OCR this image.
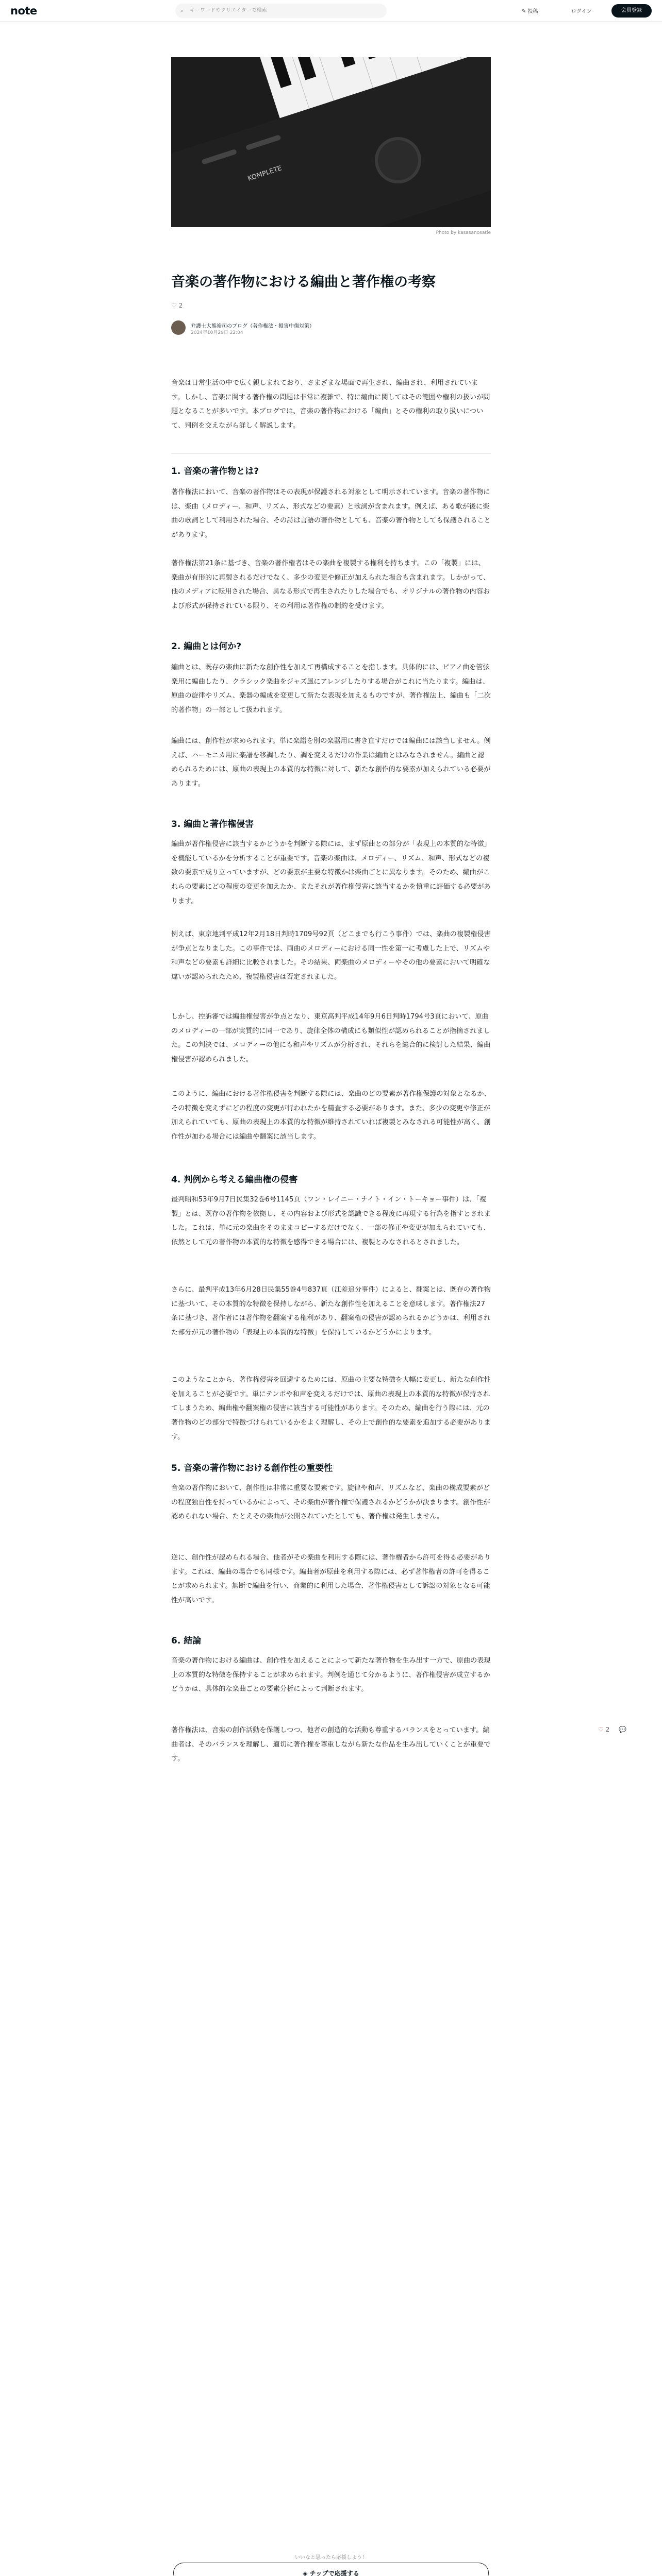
note	⌕ キーワードやクリエイターで検索	✎ 投稿	ログイン	会員登録
KOMPLETE
Photo by kasasanosatie
音楽の著作物における編曲と著作権の考察
♡ 2
弁護士大熊裕司のブログ（著作権法・損害中傷対策）
2024年10月29日 22:04

音楽は日常生活の中で広く親しまれており、さまざまな場面で再生され、編曲され、利用されています。しかし、音楽に関する著作権の問題は非常に複雑で、特に編曲に関してはその範囲や権利の扱いが問題となることが多いです。本ブログでは、音楽の著作物における「編曲」とその権利の取り扱いについて、判例を交えながら詳しく解説します。

1. 音楽の著作物とは?

著作権法において、音楽の著作物はその表現が保護される対象として明示されています。音楽の著作物には、楽曲（メロディー、和声、リズム、形式などの要素）と歌詞が含まれます。例えば、ある歌が後に楽曲の歌詞として利用された場合、その詩は言語の著作物としても、音楽の著作物としても保護されることがあります。

著作権法第21条に基づき、音楽の著作権者はその楽曲を複製する権利を持ちます。この「複製」には、楽曲が有形的に再製されるだけでなく、多少の変更や修正が加えられた場合も含まれます。しかがって、他のメディアに転用された場合、異なる形式で再生されたりした場合でも、オリジナルの著作物の内容および形式が保持されている限り、その利用は著作権の制約を受けます。

2. 編曲とは何か?

編曲とは、既存の楽曲に新たな創作性を加えて再構成することを指します。具体的には、ピアノ曲を管弦楽用に編曲したり、クラシック楽曲をジャズ風にアレンジしたりする場合がこれに当たります。編曲は、原曲の旋律やリズム、楽器の編成を変更して新たな表現を加えるものですが、著作権法上、編曲も「二次的著作物」の一部として扱われます。

編曲には、創作性が求められます。単に楽譜を別の楽器用に書き直すだけでは編曲には該当しません。例えば、ハーモニカ用に楽譜を移調したり、調を変えるだけの作業は編曲とはみなされません。編曲と認められるためには、原曲の表現上の本質的な特徴に対して、新たな創作的な要素が加えられている必要があります。

3. 編曲と著作権侵害

編曲が著作権侵害に該当するかどうかを判断する際には、まず原曲との部分が「表現上の本質的な特徴」を機能しているかを分析することが重要です。音楽の楽曲は、メロディー、リズム、和声、形式などの複数の要素で成り立っていますが、どの要素が主要な特徴かは楽曲ごとに異なります。そのため、編曲がこれらの要素にどの程度の変更を加えたか、またそれが著作権侵害に該当するかを慎重に評価する必要があります。

例えば、東京地判平成12年2月18日判時1709号92頁（どこまでも行こう事件）では、楽曲の複製権侵害が争点となりました。この事件では、両曲のメロディーにおける同一性を第一に考慮した上で、リズムや和声などの要素も詳細に比較されました。その結果、両楽曲のメロディーやその他の要素において明確な違いが認められたため、複製権侵害は否定されました。

しかし、控訴審では編曲権侵害が争点となり、東京高判平成14年9月6日判時1794号3頁において、原曲のメロディーの一部が実質的に同一であり、旋律全体の構成にも類似性が認められることが指摘されました。この判決では、メロディーの他にも和声やリズムが分析され、それらを総合的に検討した結果、編曲権侵害が認められました。

このように、編曲における著作権侵害を判断する際には、楽曲のどの要素が著作権保護の対象となるか、その特徴を変えずにどの程度の変更が行われたかを精査する必要があります。また、多少の変更や修正が加えられていても、原曲の表現上の本質的な特徴が維持されていれば複製とみなされる可能性が高く、創作性が加わる場合には編曲や翻案に該当します。

4. 判例から考える編曲権の侵害

最判昭和53年9月7日民集32巻6号1145頁（ワン・レイニー・ナイト・イン・トーキョー事件）は、「複製」とは、既存の著作物を依拠し、その内容および形式を認識できる程度に再現する行為を指すとされました。これは、単に元の楽曲をそのままコピーするだけでなく、一部の修正や変更が加えられていても、依然として元の著作物の本質的な特徴を感得できる場合には、複製とみなされるとされました。

さらに、最判平成13年6月28日民集55巻4号837頁（江差追分事件）によると、翻案とは、既存の著作物に基づいて、その本質的な特徴を保持しながら、新たな創作性を加えることを意味します。著作権法27条に基づき、著作者には著作物を翻案する権利があり、翻案権の侵害が認められるかどうかは、利用された部分が元の著作物の「表現上の本質的な特徴」を保持しているかどうかによります。

このようなことから、著作権侵害を回避するためには、原曲の主要な特徴を大幅に変更し、新たな創作性を加えることが必要です。単にテンポや和声を変えるだけでは、原曲の表現上の本質的な特徴が保持されてしまうため、編曲権や翻案権の侵害に該当する可能性があります。そのため、編曲を行う際には、元の著作物のどの部分で特徴づけられているかをよく理解し、その上で創作的な要素を追加する必要があります。

5. 音楽の著作物における創作性の重要性

音楽の著作物において、創作性は非常に重要な要素です。旋律や和声、リズムなど、楽曲の構成要素がどの程度独自性を持っているかによって、その楽曲が著作権で保護されるかどうかが決まります。創作性が認められない場合、たとえその楽曲が公開されていたとしても、著作権は発生しません。

逆に、創作性が認められる場合、他者がその楽曲を利用する際には、著作権者から許可を得る必要があります。これは、編曲の場合でも同様です。編曲者が原曲を利用する際には、必ず著作権者の許可を得ることが求められます。無断で編曲を行い、商業的に利用した場合、著作権侵害として訴訟の対象となる可能性が高いです。

6. 結論

音楽の著作物における編曲は、創作性を加えることによって新たな著作物を生み出す一方で、原曲の表現上の本質的な特徴を保持することが求められます。判例を通じて分かるように、著作権侵害が成立するかどうかは、具体的な楽曲ごとの要素分析によって判断されます。

著作権法は、音楽の創作活動を保護しつつ、他者の創造的な活動も尊重するバランスをとっています。編曲者は、そのバランスを理解し、適切に著作権を尊重しながら新たな作品を生み出していくことが重要です。

♡ 2 💬
いいなと思ったら応援しよう！
◈ チップで応援する
